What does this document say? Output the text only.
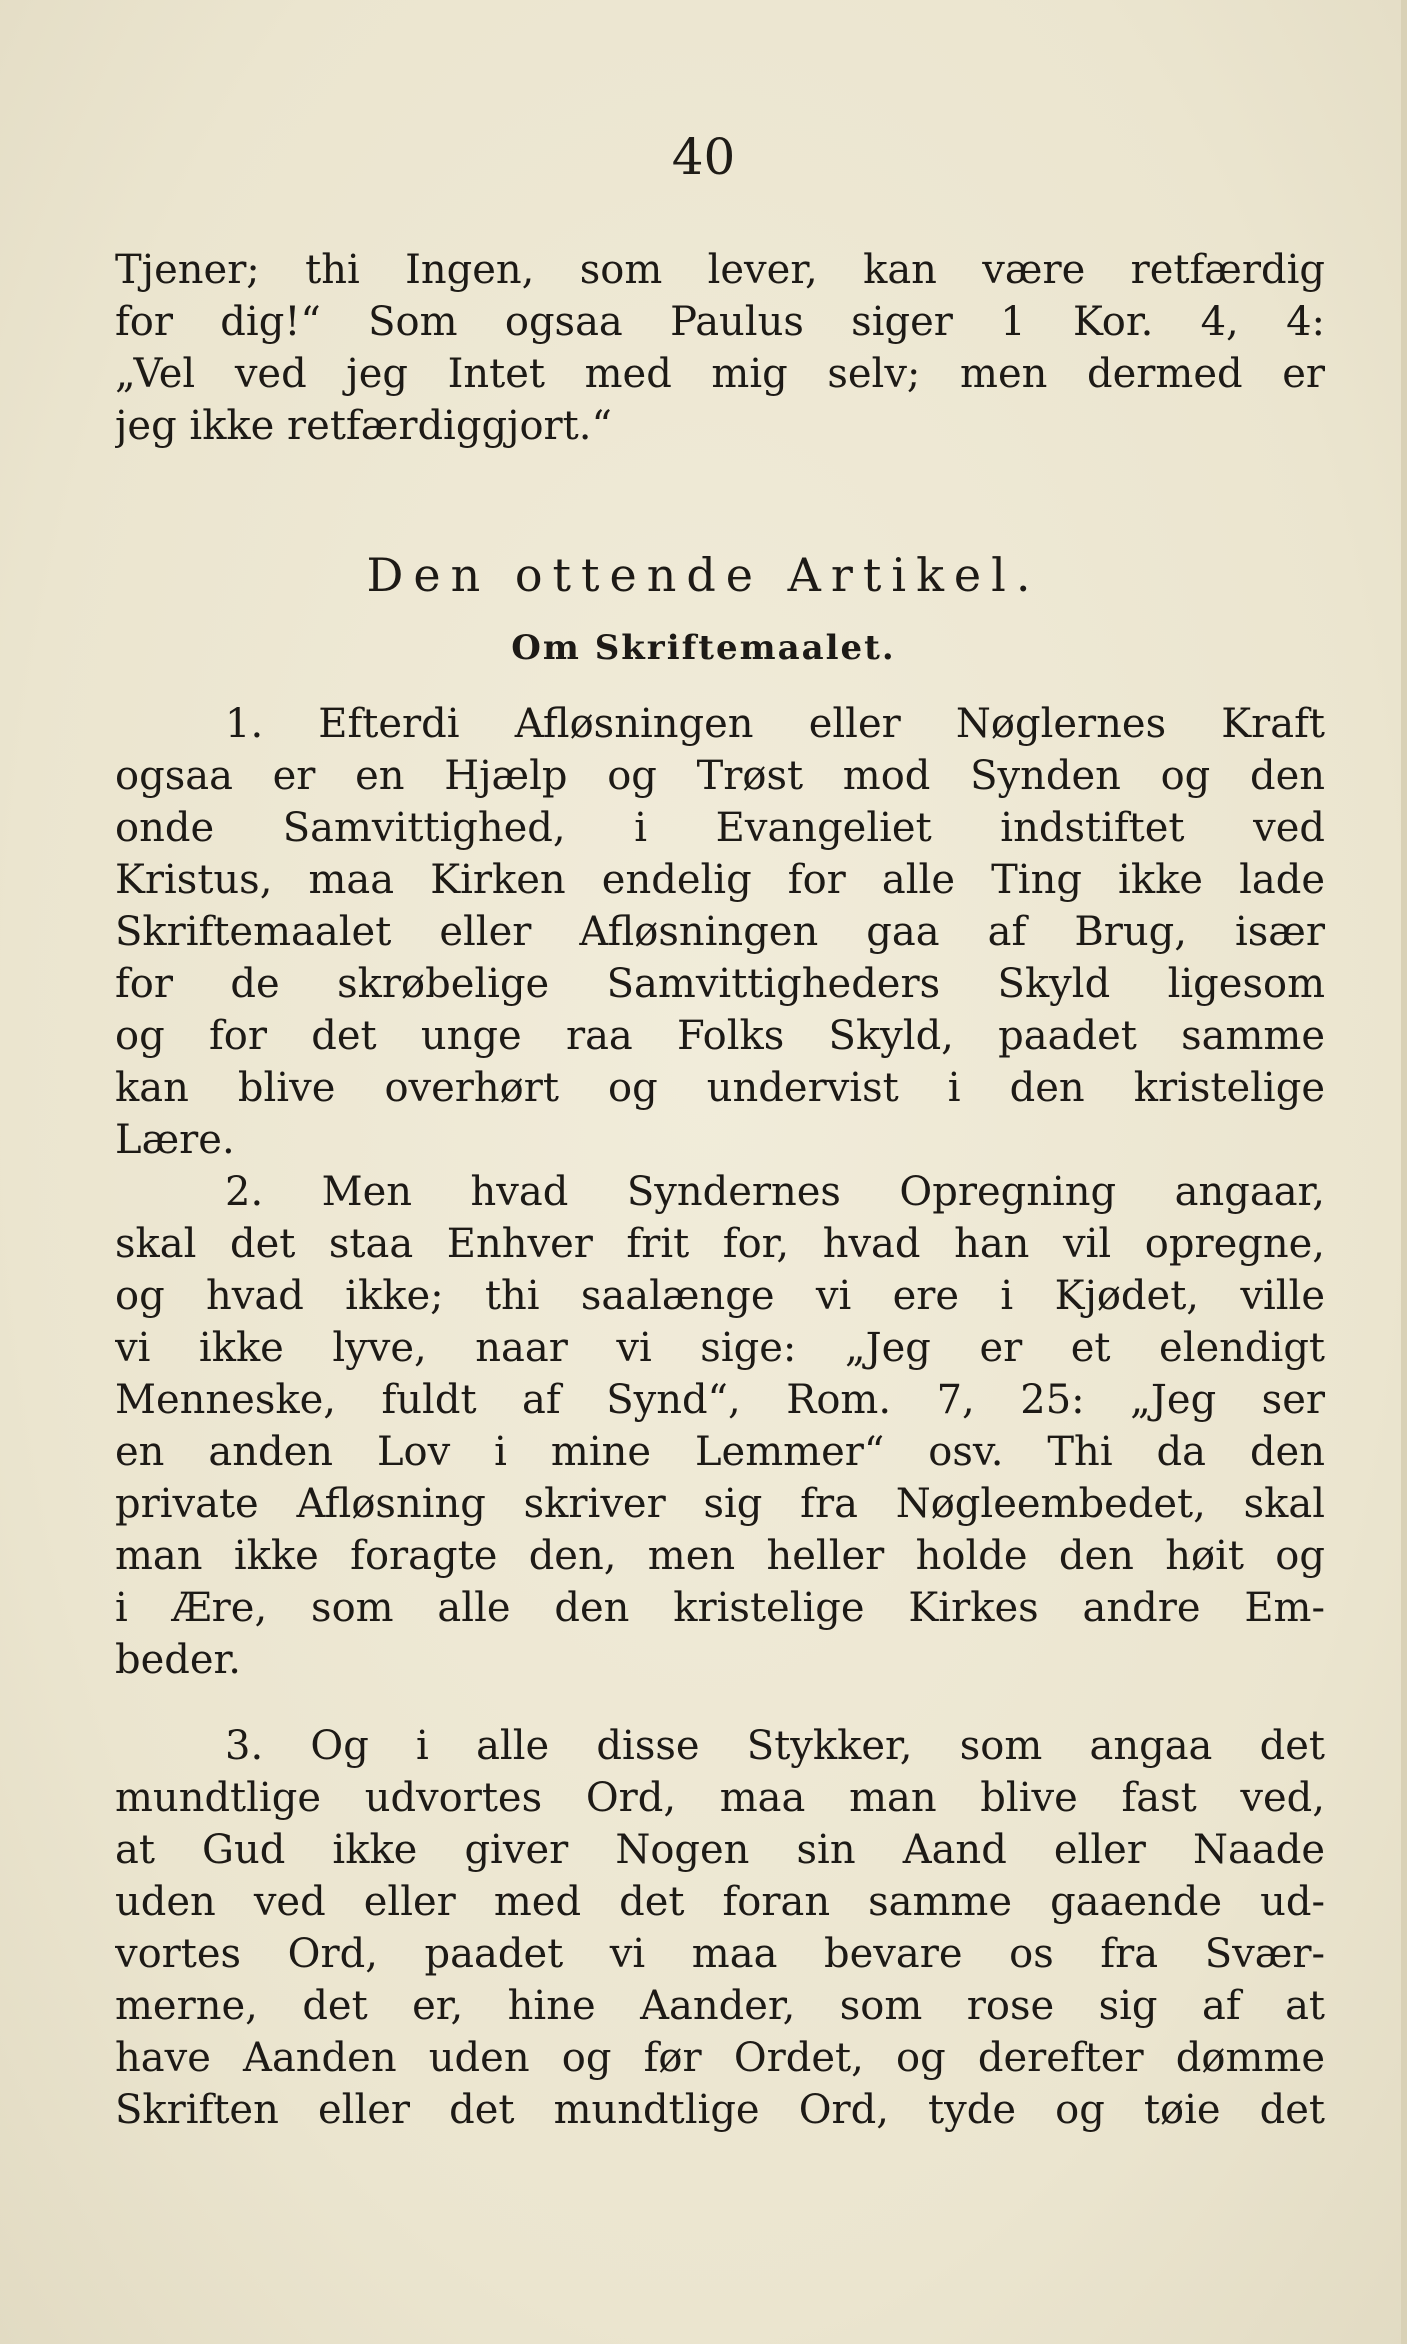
40
Tjener; thi Ingen, som lever, kan være retfærdig
for dig!“ Som ogsaa Paulus siger 1 Kor. 4, 4:
„Vel ved jeg Intet med mig selv; men dermed er
jeg ikke retfærdiggjort.“
Den ottende Artikel.
Om Skriftemaalet.
1. Efterdi Afløsningen eller Nøglernes Kraft
ogsaa er en Hjælp og Trøst mod Synden og den
onde Samvittighed, i Evangeliet indstiftet ved
Kristus, maa Kirken endelig for alle Ting ikke lade
Skriftemaalet eller Afløsningen gaa af Brug, især
for de skrøbelige Samvittigheders Skyld ligesom
og for det unge raa Folks Skyld, paadet samme
kan blive overhørt og undervist i den kristelige
Lære.
2. Men hvad Syndernes Opregning angaar,
skal det staa Enhver frit for, hvad han vil opregne,
og hvad ikke; thi saalænge vi ere i Kjødet, ville
vi ikke lyve, naar vi sige: „Jeg er et elendigt
Menneske, fuldt af Synd“, Rom. 7, 25: „Jeg ser
en anden Lov i mine Lemmer“ osv. Thi da den
private Afløsning skriver sig fra Nøgleembedet, skal
man ikke foragte den, men heller holde den høit og
i Ære, som alle den kristelige Kirkes andre Em-
beder.
3. Og i alle disse Stykker, som angaa det
mundtlige udvortes Ord, maa man blive fast ved,
at Gud ikke giver Nogen sin Aand eller Naade
uden ved eller med det foran samme gaaende ud-
vortes Ord, paadet vi maa bevare os fra Svær-
merne, det er, hine Aander, som rose sig af at
have Aanden uden og før Ordet, og derefter dømme
Skriften eller det mundtlige Ord, tyde og tøie det
